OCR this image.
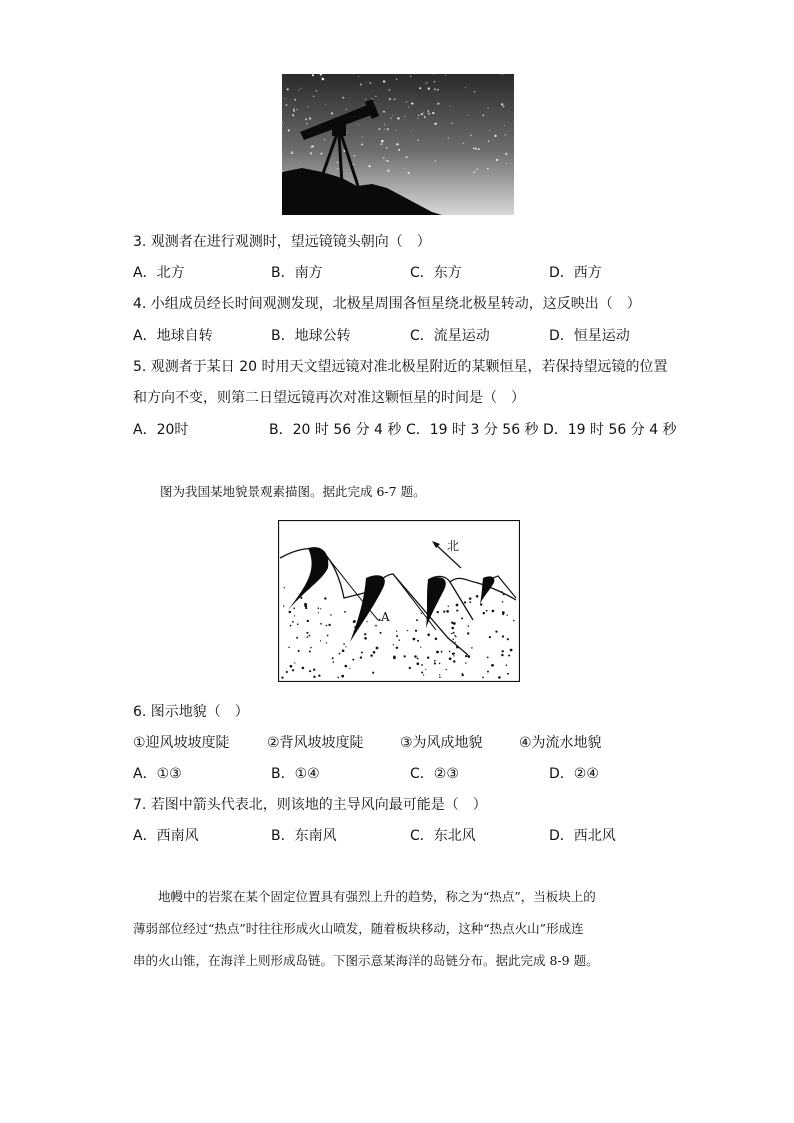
3. 观测者在进行观测时，望远镜镜头朝向（　）
A．北方	B．南方	C．东方	D．西方
4. 小组成员经长时间观测发现，北极星周围各恒星绕北极星转动，这反映出（　）
A．地球自转	B．地球公转	C．流星运动	D．恒星运动
5. 观测者于某日 20 时用天文望远镜对准北极星附近的某颗恒星，若保持望远镜的位置
和方向不变，则第二日望远镜再次对准这颗恒星的时间是（　）
A．20时	B．20 时 56 分 4 秒 C．19 时 3 分 56 秒 D．19 时 56 分 4 秒
图为我国某地貌景观素描图。据此完成 6-7 题。
北
A
6. 图示地貌（　）
①迎风坡坡度陡	②背风坡坡度陡	③为风成地貌	④为流水地貌
A．①③	B．①④	C．②③	D．②④
7. 若图中箭头代表北，则该地的主导风向最可能是（　）
A．西南风	B．东南风	C．东北风	D．西北风
　　地幔中的岩浆在某个固定位置具有强烈上升的趋势，称之为“热点”，当板块上的
薄弱部位经过“热点”时往往形成火山喷发，随着板块移动，这种“热点火山”形成连
串的火山锥，在海洋上则形成岛链。下图示意某海洋的岛链分布。据此完成 8-9 题。
